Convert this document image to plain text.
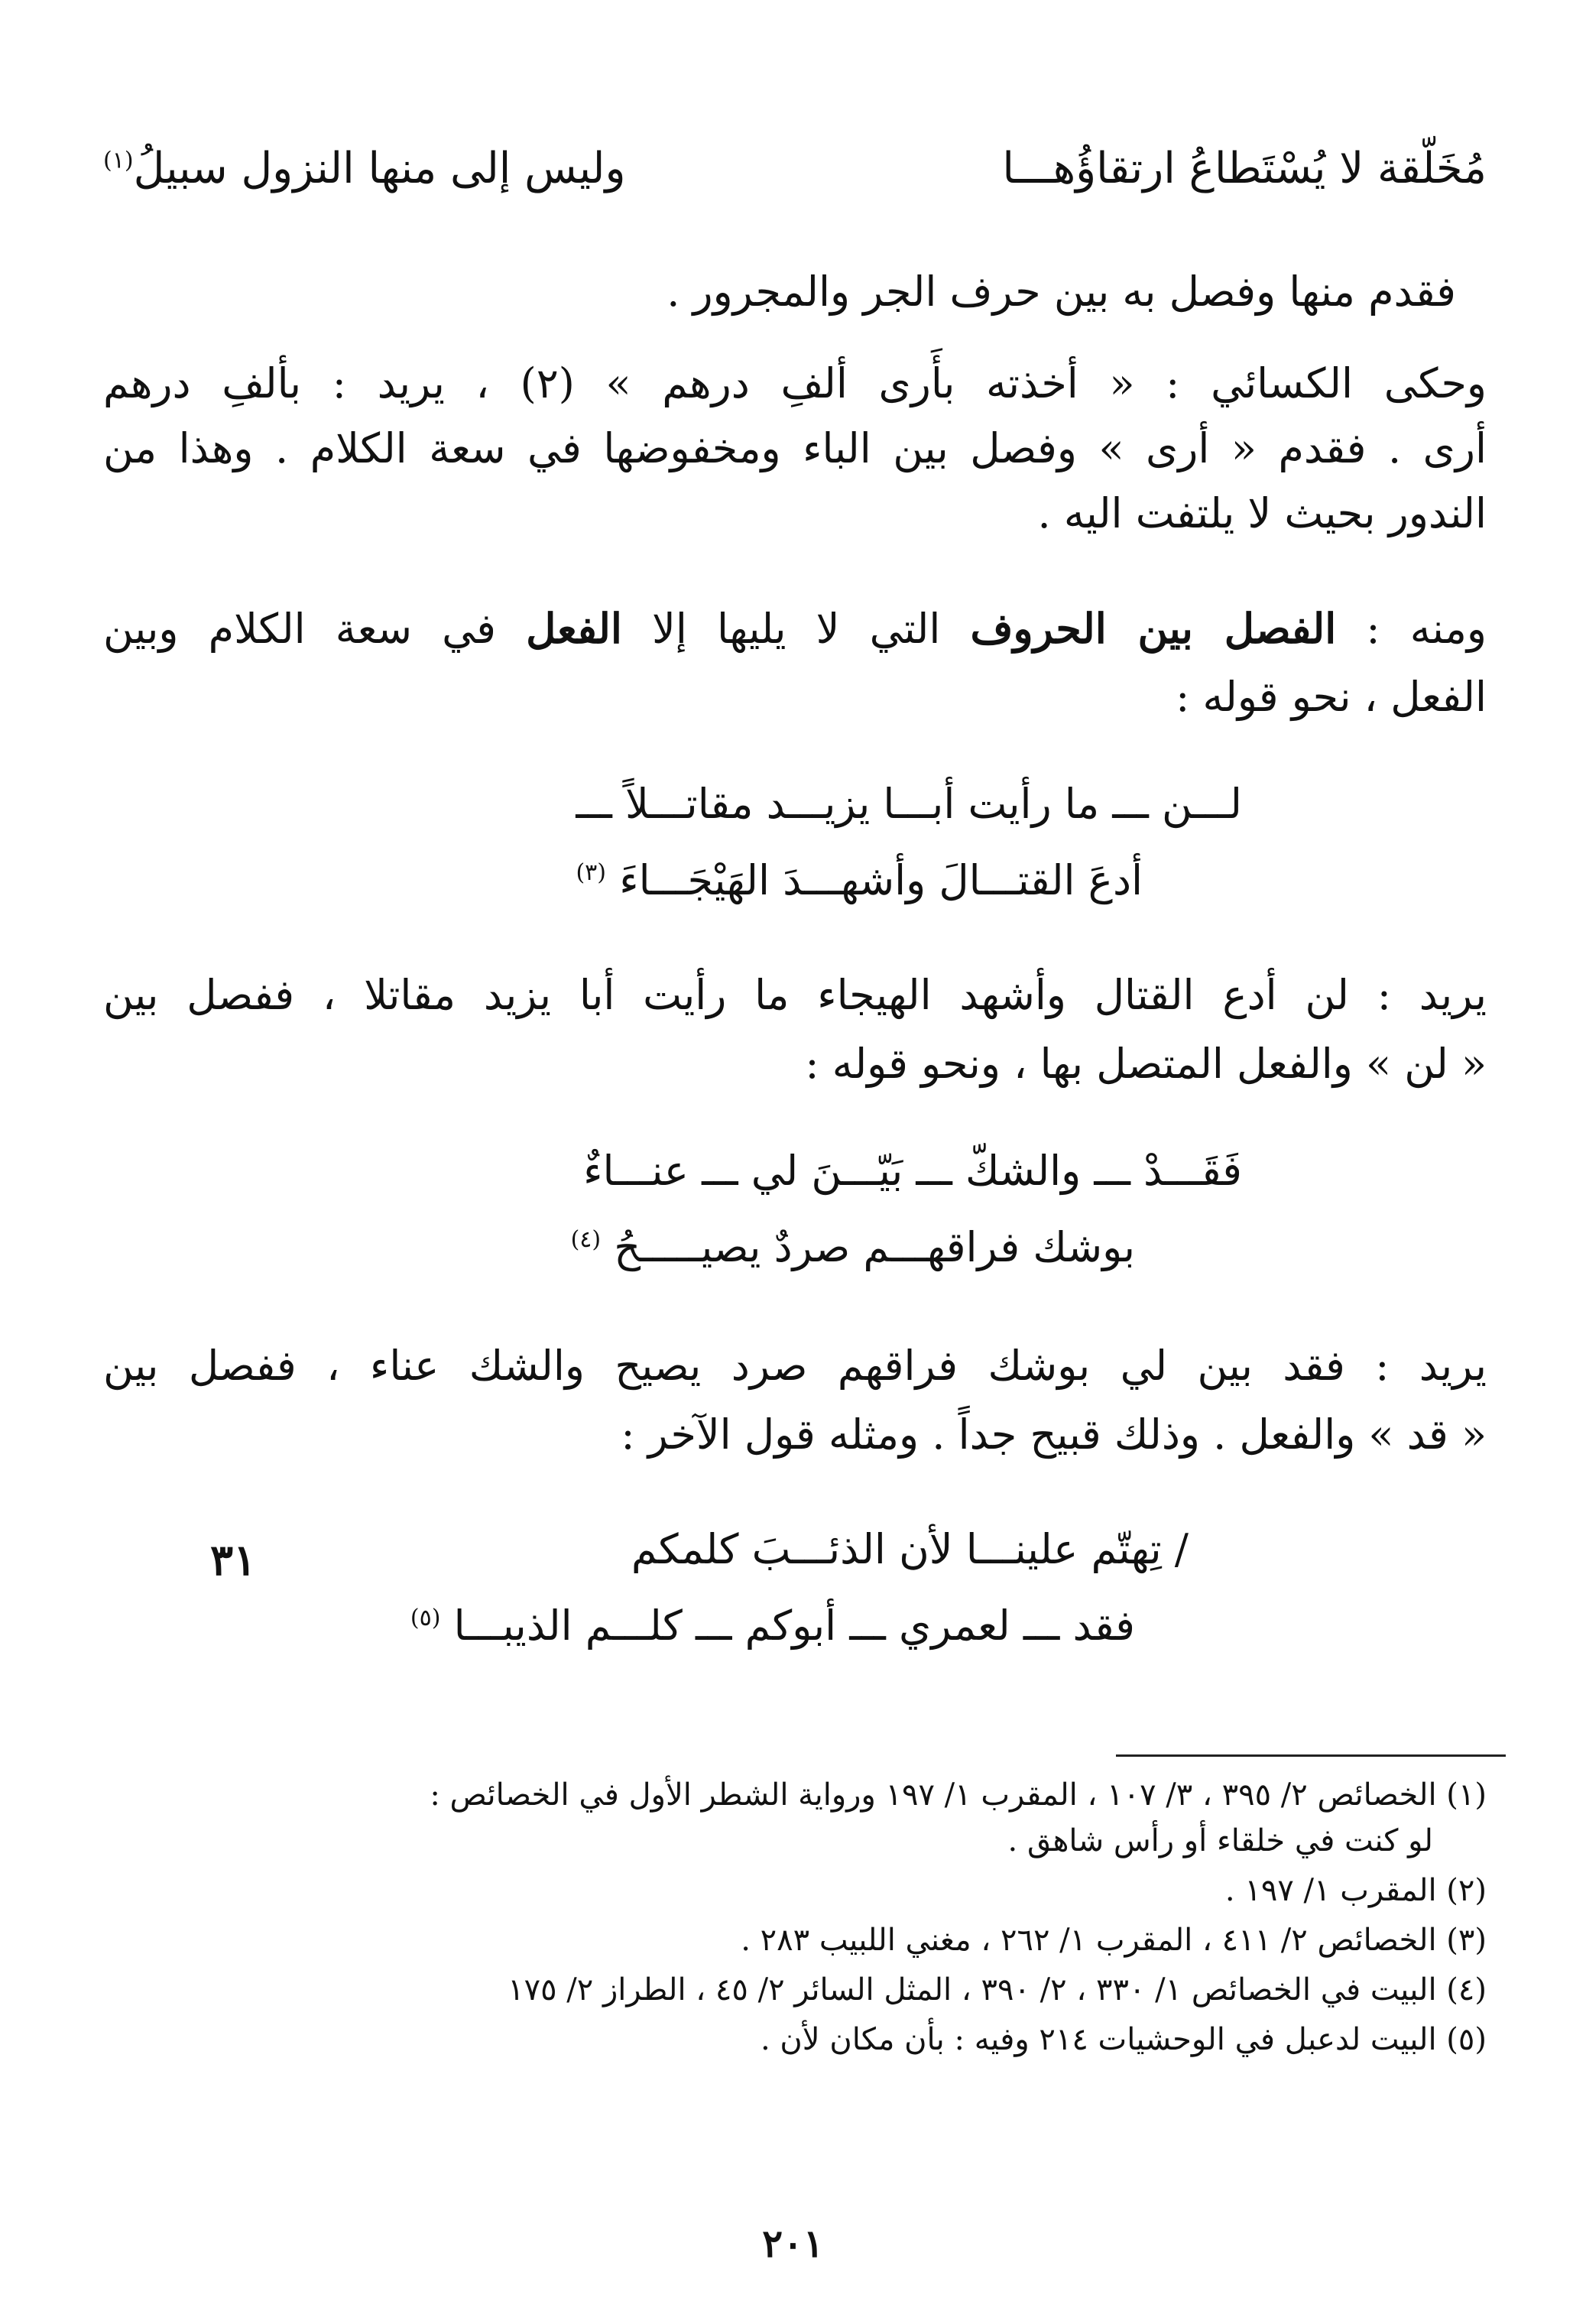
مُخَلّقة لا يُسْتَطاعُ ارتقاؤُهـــا
وليس إلى منها النزول سبيلُ$^{(١)}$
فقدم منها وفصل به بين حرف الجر والمجرور .
وحكى الكسائي : « أخذته بأَرى ألفِ درهم » (٢) ، يريد : بألفِ درهم
أرى . فقدم « أرى » وفصل بين الباء ومخفوضها في سعة الكلام . وهذا من
الندور بحيث لا يلتفت اليه .
ومنه : الفصل بين الحروف التي لا يليها إلا الفعل في سعة الكلام وبين
الفعل ، نحو قوله :
لـــن ـــ ما رأيت أبـــا يزيـــد مقاتـــلاً ـــ
أدعَ القتـــالَ وأشهـــدَ الهَيْجَـــاءَ $^{(٣)}$
يريد : لن أدع القتال وأشهد الهيجاء ما رأيت أبا يزيد مقاتلا ، ففصل بين
« لن » والفعل المتصل بها ، ونحو قوله :
فَقَـــدْ ـــ والشكّ ـــ بَيّـــنَ لي ـــ عنـــاءٌ
بوشك فراقهـــم صردٌ يصيـــــحُ $^{(٤)}$
يريد : فقد بين لي بوشك فراقهم صرد يصيح والشك عناء ، ففصل بين
« قد » والفعل . وذلك قبيح جداً . ومثله قول الآخر :
٣١	/ تِهتّم علينـــا لأن الذئـــبَ كلمكم
فقد ـــ لعمري ـــ أبوكم ـــ كلـــم الذيبـــا $^{(٥)}$
(١) الخصائص ٢/ ٣٩٥ ، ٣/ ١٠٧ ، المقرب ١/ ١٩٧ ورواية الشطر الأول في الخصائص :
لو كنت في خلقاء أو رأس شاهق .
(٢) المقرب ١/ ١٩٧ .
(٣) الخصائص ٢/ ٤١١ ، المقرب ١/ ٢٦٢ ، مغني اللبيب ٢٨٣ .
(٤) البيت في الخصائص ١/ ٣٣٠ ، ٢/ ٣٩٠ ، المثل السائر ٢/ ٤٥ ، الطراز ٢/ ١٧٥
(٥) البيت لدعبل في الوحشيات ٢١٤ وفيه : بأن مكان لأن .
٢٠١
